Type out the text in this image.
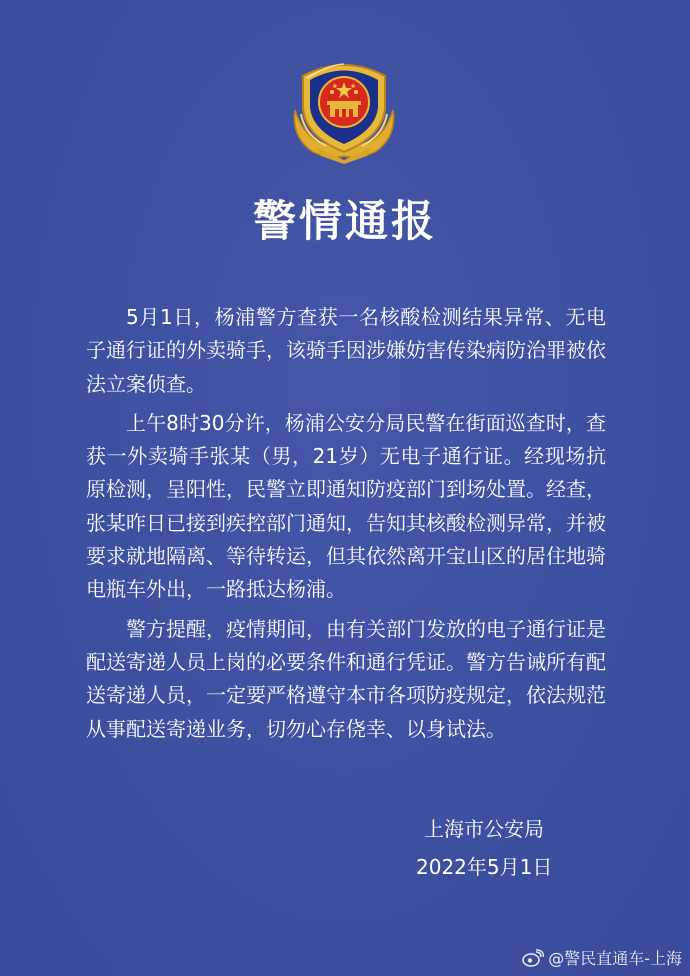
警情通报

5月1日，杨浦警方查获一名核酸检测结果异常、无电子通行证的外卖骑手，该骑手因涉嫌妨害传染病防治罪被依法立案侦查。

上午8时30分许，杨浦公安分局民警在街面巡查时，查获一外卖骑手张某（男，21岁）无电子通行证。经现场抗原检测，呈阳性，民警立即通知防疫部门到场处置。经查，张某昨日已接到疾控部门通知，告知其核酸检测异常，并被要求就地隔离、等待转运，但其依然离开宝山区的居住地骑电瓶车外出，一路抵达杨浦。

警方提醒，疫情期间，由有关部门发放的电子通行证是配送寄递人员上岗的必要条件和通行凭证。警方告诫所有配送寄递人员，一定要严格遵守本市各项防疫规定，依法规范从事配送寄递业务，切勿心存侥幸、以身试法。

上海市公安局
2022年5月1日
@警民直通车-上海
